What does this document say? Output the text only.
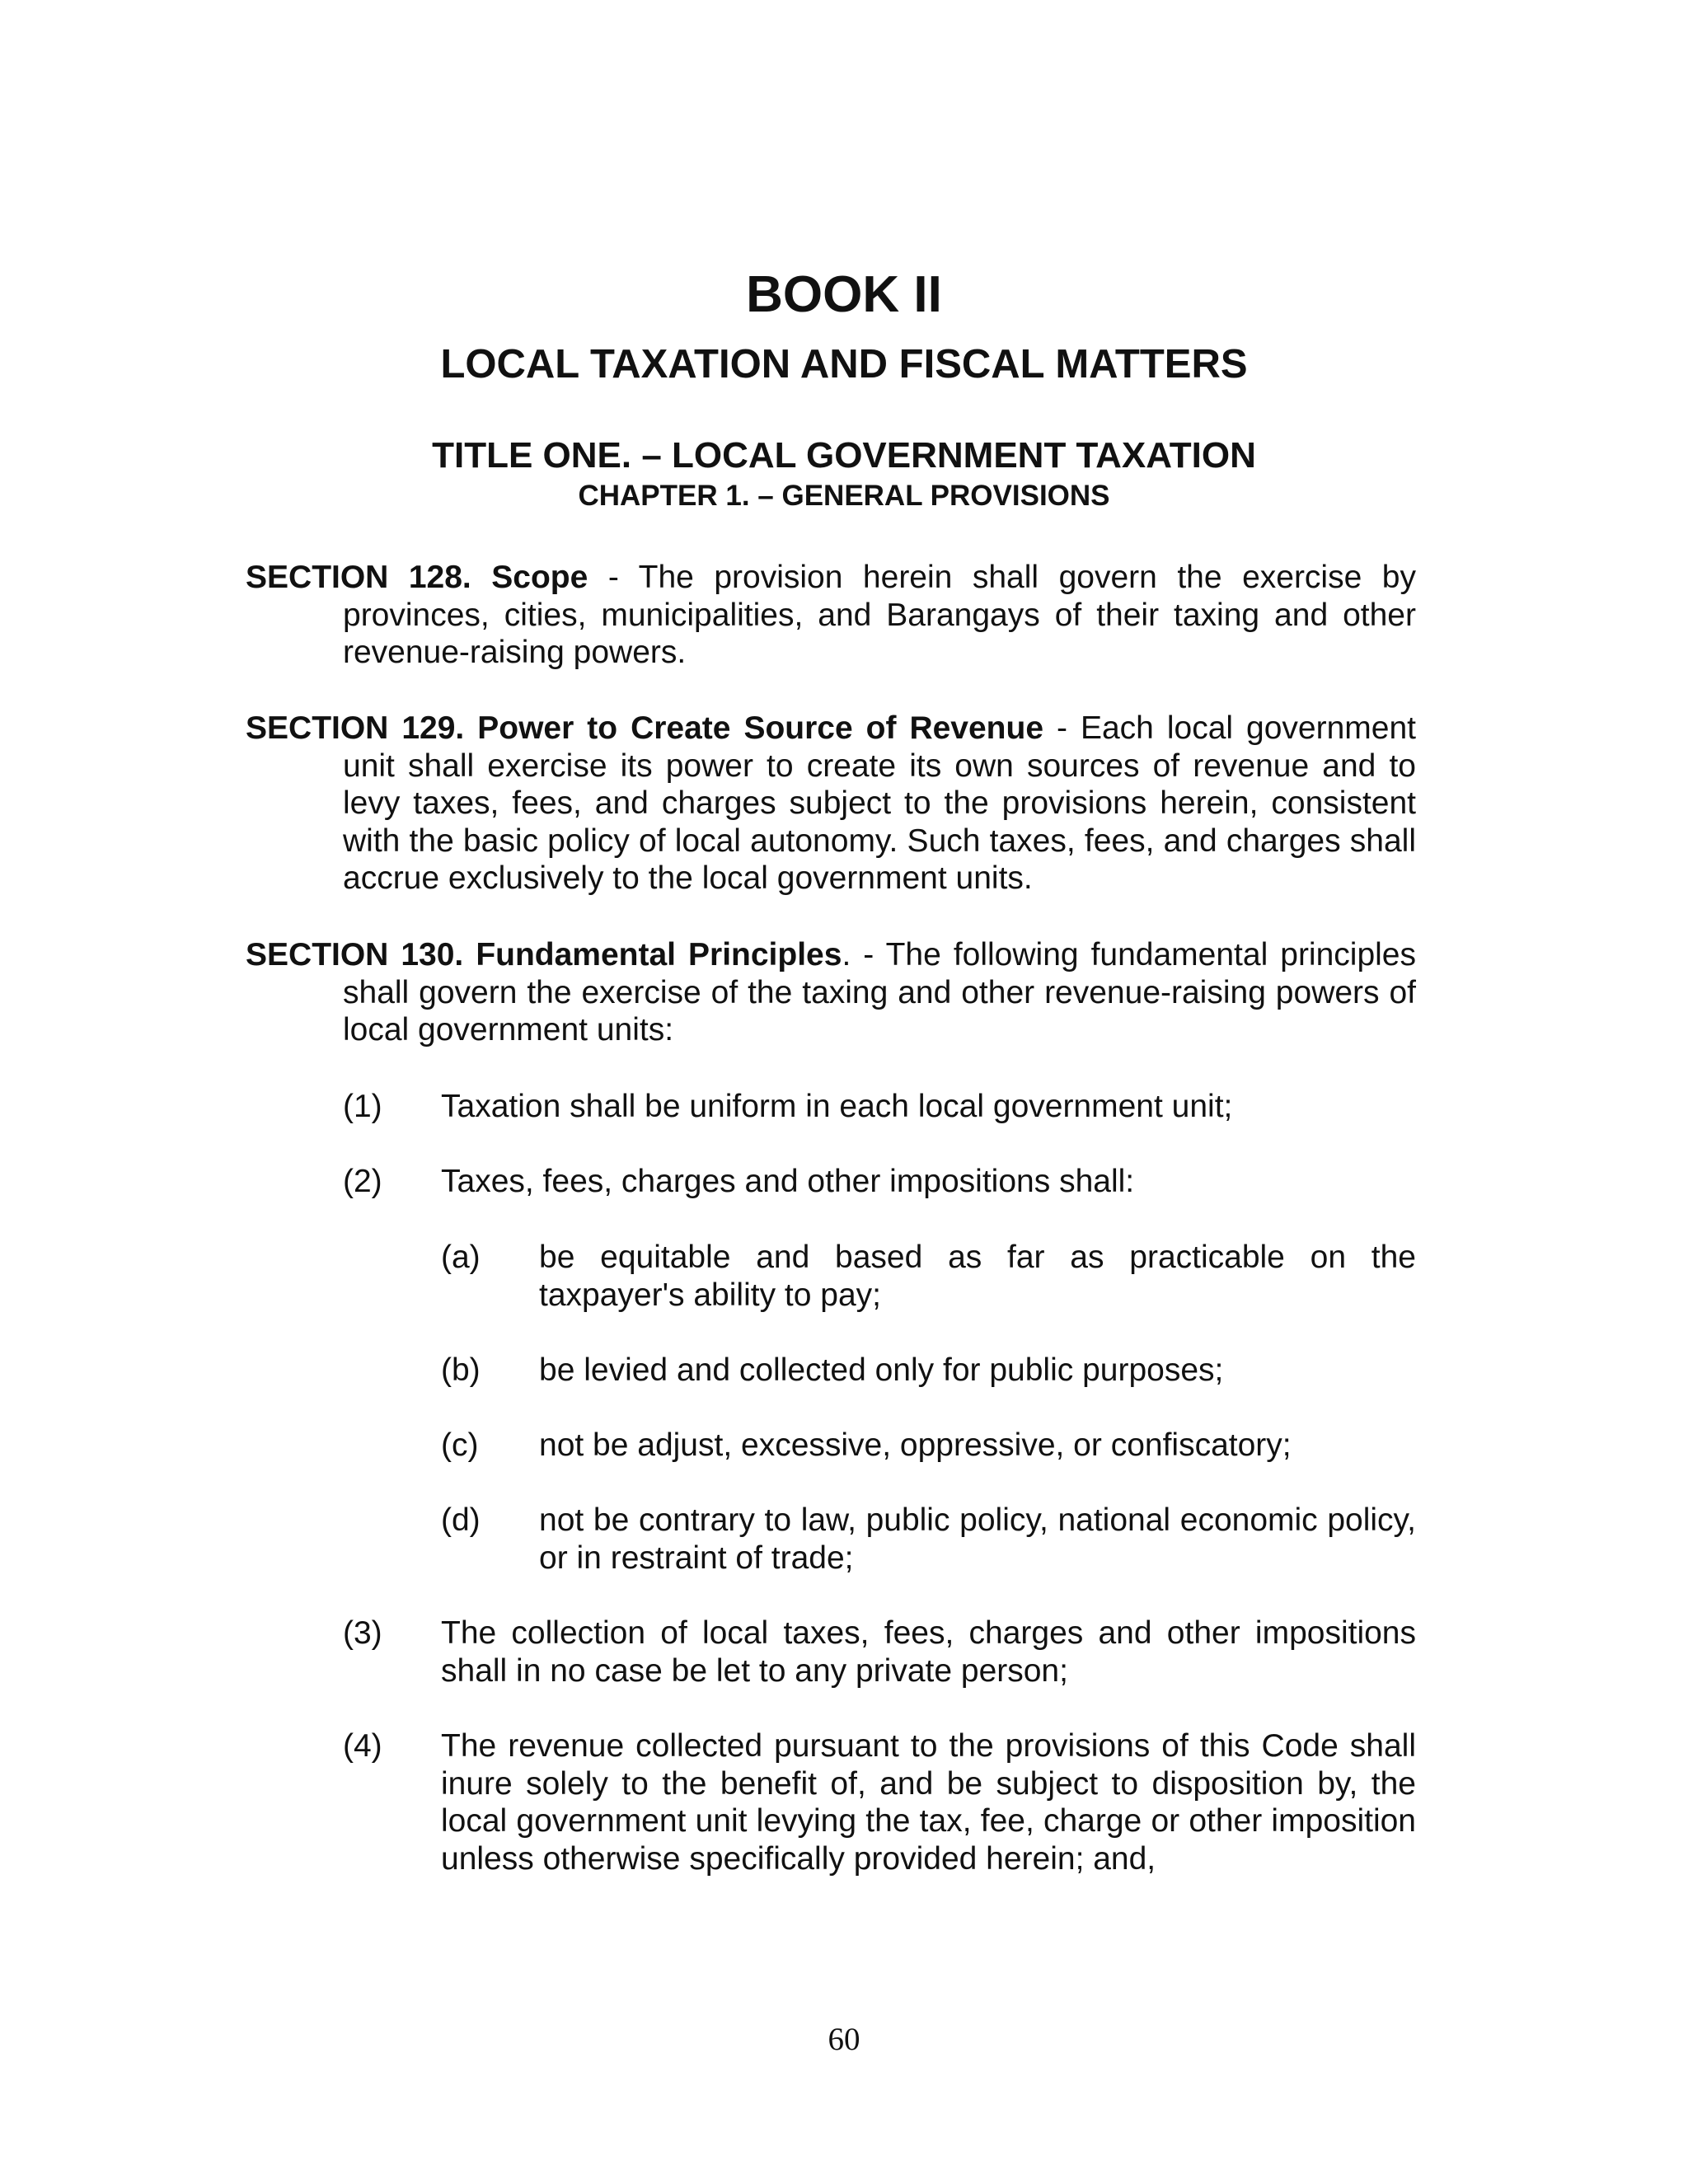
BOOK II
LOCAL TAXATION AND FISCAL MATTERS
TITLE ONE. – LOCAL GOVERNMENT TAXATION
CHAPTER 1. – GENERAL PROVISIONS
SECTION 128. Scope - The provision herein shall govern the exercise by
provinces, cities, municipalities, and Barangays of their taxing and other revenue-raising powers.
SECTION 129. Power to Create Source of Revenue - Each local government
unit shall exercise its power to create its own sources of revenue and to levy taxes, fees, and charges subject to the provisions herein, consistent with the basic policy of local autonomy. Such taxes, fees, and charges shall accrue exclusively to the local government units.
SECTION 130. Fundamental Principles. - The following fundamental principles
shall govern the exercise of the taxing and other revenue-raising powers of local government units:
(1) Taxation shall be uniform in each local government unit;
(2) Taxes, fees, charges and other impositions shall:
(a) be equitable and based as far as practicable on the taxpayer's ability to pay;
(b) be levied and collected only for public purposes;
(c) not be adjust, excessive, oppressive, or confiscatory;
(d) not be contrary to law, public policy, national economic policy, or in restraint of trade;
(3) The collection of local taxes, fees, charges and other impositions shall in no case be let to any private person;
(4) The revenue collected pursuant to the provisions of this Code shall inure solely to the benefit of, and be subject to disposition by, the local government unit levying the tax, fee, charge or other imposition unless otherwise specifically provided herein; and,
60
